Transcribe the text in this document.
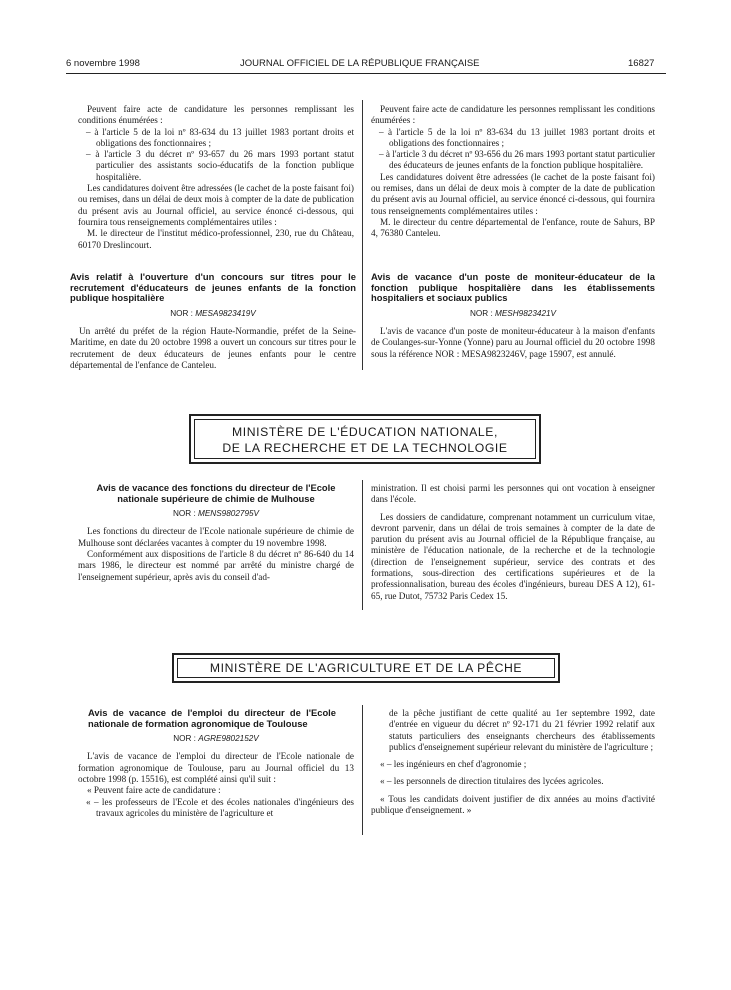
6 novembre 1998	JOURNAL OFFICIEL DE LA RÉPUBLIQUE FRANÇAISE	16827

Peuvent faire acte de candidature les personnes remplissant les conditions énumérées :

– à l'article 5 de la loi nº 83-634 du 13 juillet 1983 portant droits et obligations des fonctionnaires ;

– à l'article 3 du décret nº 93-657 du 26 mars 1993 portant statut particulier des assistants socio-éducatifs de la fonction publique hospitalière.

Les candidatures doivent être adressées (le cachet de la poste faisant foi) ou remises, dans un délai de deux mois à compter de la date de publication du présent avis au Journal officiel, au service énoncé ci-dessous, qui fournira tous renseignements complémentaires utiles :

M. le directeur de l'institut médico-professionnel, 230, rue du Château, 60170 Dreslincourt.

Peuvent faire acte de candidature les personnes remplissant les conditions énumérées :

– à l'article 5 de la loi nº 83-634 du 13 juillet 1983 portant droits et obligations des fonctionnaires ;

– à l'article 3 du décret nº 93-656 du 26 mars 1993 portant statut particulier des éducateurs de jeunes enfants de la fonction publique hospitalière.

Les candidatures doivent être adressées (le cachet de la poste faisant foi) ou remises, dans un délai de deux mois à compter de la date de publication du présent avis au Journal officiel, au service énoncé ci-dessous, qui fournira tous renseignements complémentaires utiles :

M. le directeur du centre départemental de l'enfance, route de Sahurs, BP 4, 76380 Canteleu.

Avis relatif à l'ouverture d'un concours sur titres pour le recrutement d'éducateurs de jeunes enfants de la fonction publique hospitalière
NOR : MESA9823419V

Un arrêté du préfet de la région Haute-Normandie, préfet de la Seine-Maritime, en date du 20 octobre 1998 a ouvert un concours sur titres pour le recrutement de deux éducateurs de jeunes enfants pour le centre départemental de l'enfance de Canteleu.

Avis de vacance d'un poste de moniteur-éducateur de la fonction publique hospitalière dans les établissements hospitaliers et sociaux publics
NOR : MESH9823421V

L'avis de vacance d'un poste de moniteur-éducateur à la maison d'enfants de Coulanges-sur-Yonne (Yonne) paru au Journal officiel du 20 octobre 1998 sous la référence NOR : MESA9823246V, page 15907, est annulé.

MINISTÈRE DE L'ÉDUCATION NATIONALE,
DE LA RECHERCHE ET DE LA TECHNOLOGIE
Avis de vacance des fonctions du directeur de l'Ecole nationale supérieure de chimie de Mulhouse
NOR : MENS9802795V

Les fonctions du directeur de l'Ecole nationale supérieure de chimie de Mulhouse sont déclarées vacantes à compter du 19 novembre 1998.

Conformément aux dispositions de l'article 8 du décret nº 86-640 du 14 mars 1986, le directeur est nommé par arrêté du ministre chargé de l'enseignement supérieur, après avis du conseil d'ad-

ministration. Il est choisi parmi les personnes qui ont vocation à enseigner dans l'école.

Les dossiers de candidature, comprenant notamment un curriculum vitae, devront parvenir, dans un délai de trois semaines à compter de la date de parution du présent avis au Journal officiel de la République française, au ministère de l'éducation nationale, de la recherche et de la technologie (direction de l'enseignement supérieur, service des contrats et des formations, sous-direction des certifications supérieures et de la professionnalisation, bureau des écoles d'ingénieurs, bureau DES A 12), 61-65, rue Dutot, 75732 Paris Cedex 15.

MINISTÈRE DE L'AGRICULTURE ET DE LA PÊCHE
Avis de vacance de l'emploi du directeur de l'Ecole nationale de formation agronomique de Toulouse
NOR : AGRE9802152V

L'avis de vacance de l'emploi du directeur de l'Ecole nationale de formation agronomique de Toulouse, paru au Journal officiel du 13 octobre 1998 (p. 15516), est complété ainsi qu'il suit :

« Peuvent faire acte de candidature :

« – les professeurs de l'Ecole et des écoles nationales d'ingénieurs des travaux agricoles du ministère de l'agriculture et

de la pêche justifiant de cette qualité au 1er septembre 1992, date d'entrée en vigueur du décret nº 92-171 du 21 février 1992 relatif aux statuts particuliers des enseignants chercheurs des établissements publics d'enseignement supérieur relevant du ministère de l'agriculture ;

« – les ingénieurs en chef d'agronomie ;

« – les personnels de direction titulaires des lycées agricoles.

« Tous les candidats doivent justifier de dix années au moins d'activité publique d'enseignement. »
